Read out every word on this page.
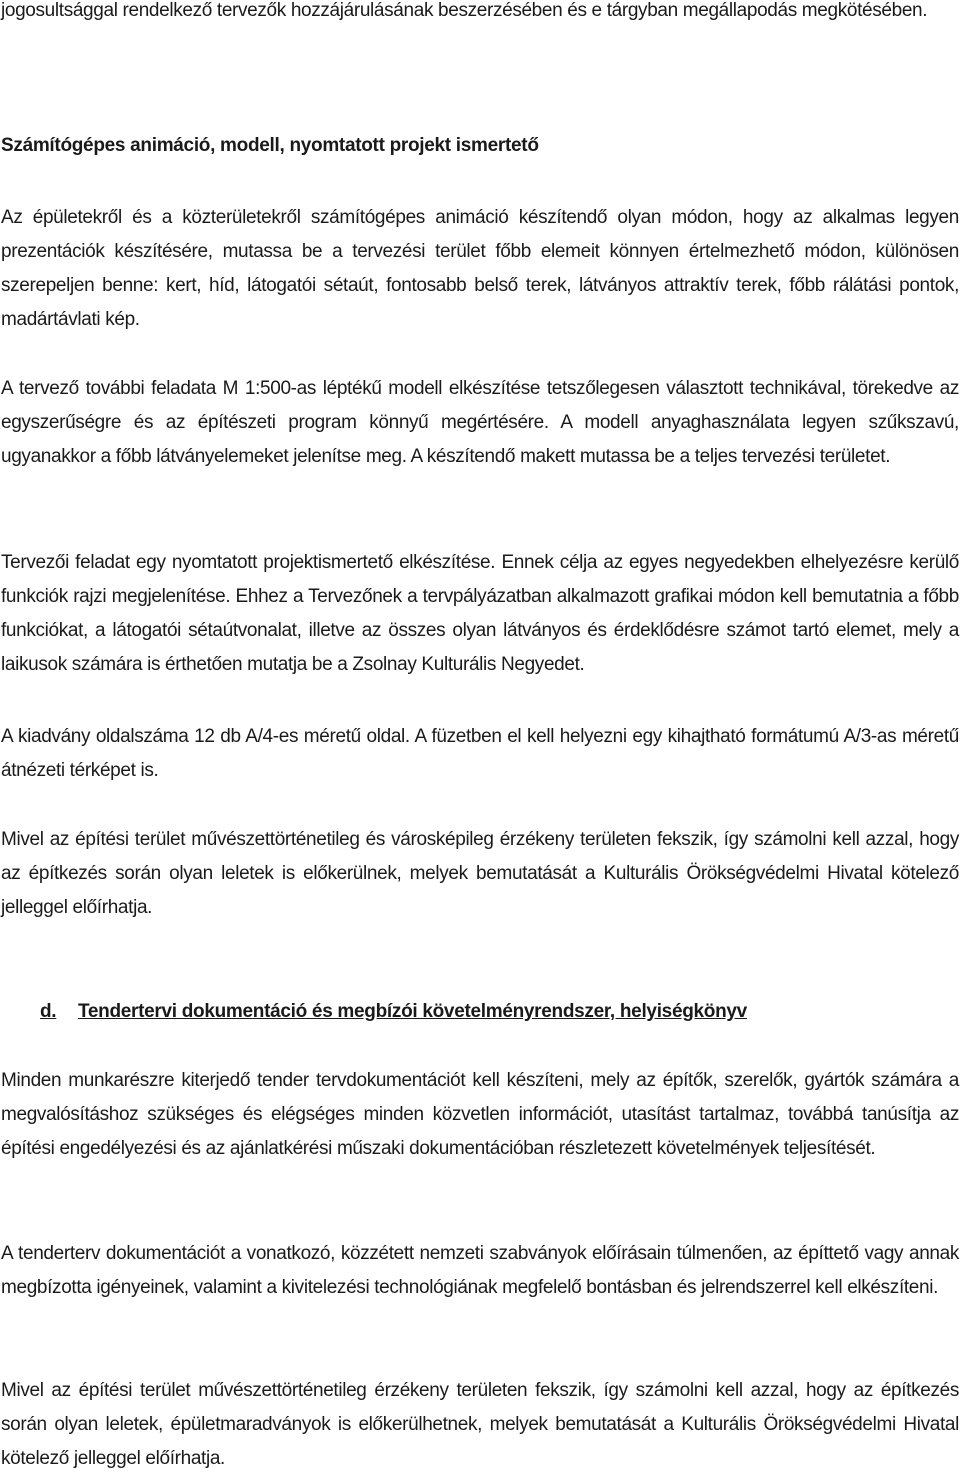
jogosultsággal rendelkező tervezők hozzájárulásának beszerzésében és e tárgyban megállapodás megkötésében.

Számítógépes animáció, modell, nyomtatott projekt ismertető

Az épületekről és a közterületekről számítógépes animáció készítendő olyan módon, hogy az alkalmas legyen prezentációk készítésére, mutassa be a tervezési terület főbb elemeit könnyen értelmezhető módon, különösen szerepeljen benne: kert, híd, látogatói sétaút, fontosabb belső terek, látványos attraktív terek, főbb rálátási pontok, madártávlati kép.

A tervező további feladata M 1:500-as léptékű modell elkészítése tetszőlegesen választott technikával, törekedve az egyszerűségre és az építészeti program könnyű megértésére. A modell anyaghasználata legyen szűkszavú, ugyanakkor a főbb látványelemeket jelenítse meg. A készítendő makett mutassa be a teljes tervezési területet.

Tervezői feladat egy nyomtatott projektismertető elkészítése. Ennek célja az egyes negyedekben elhelyezésre kerülő funkciók rajzi megjelenítése. Ehhez a Tervezőnek a tervpályázatban alkalmazott grafikai módon kell bemutatnia a főbb funkciókat, a látogatói sétaútvonalat, illetve az összes olyan látványos és érdeklődésre számot tartó elemet, mely a laikusok számára is érthetően mutatja be a Zsolnay Kulturális Negyedet.

A kiadvány oldalszáma 12 db A/4-es méretű oldal. A füzetben el kell helyezni egy kihajtható formátumú A/3-as méretű átnézeti térképet is.

Mivel az építési terület művészettörténetileg és városképileg érzékeny területen fekszik, így számolni kell azzal, hogy az építkezés során olyan leletek is előkerülnek, melyek bemutatását a Kulturális Örökségvédelmi Hivatal kötelező jelleggel előírhatja.

d. Tendertervi dokumentáció és megbízói követelményrendszer, helyiségkönyv

Minden munkarészre kiterjedő tender tervdokumentációt kell készíteni, mely az építők, szerelők, gyártók számára a megvalósításhoz szükséges és elégséges minden közvetlen információt, utasítást tartalmaz, továbbá tanúsítja az építési engedélyezési és az ajánlatkérési műszaki dokumentációban részletezett követelmények teljesítését.

A tenderterv dokumentációt a vonatkozó, közzétett nemzeti szabványok előírásain túlmenően, az építtető vagy annak megbízotta igényeinek, valamint a kivitelezési technológiának megfelelő bontásban és jelrendszerrel kell elkészíteni.

Mivel az építési terület művészettörténetileg érzékeny területen fekszik, így számolni kell azzal, hogy az építkezés során olyan leletek, épületmaradványok is előkerülhetnek, melyek bemutatását a Kulturális Örökségvédelmi Hivatal kötelező jelleggel előírhatja.
